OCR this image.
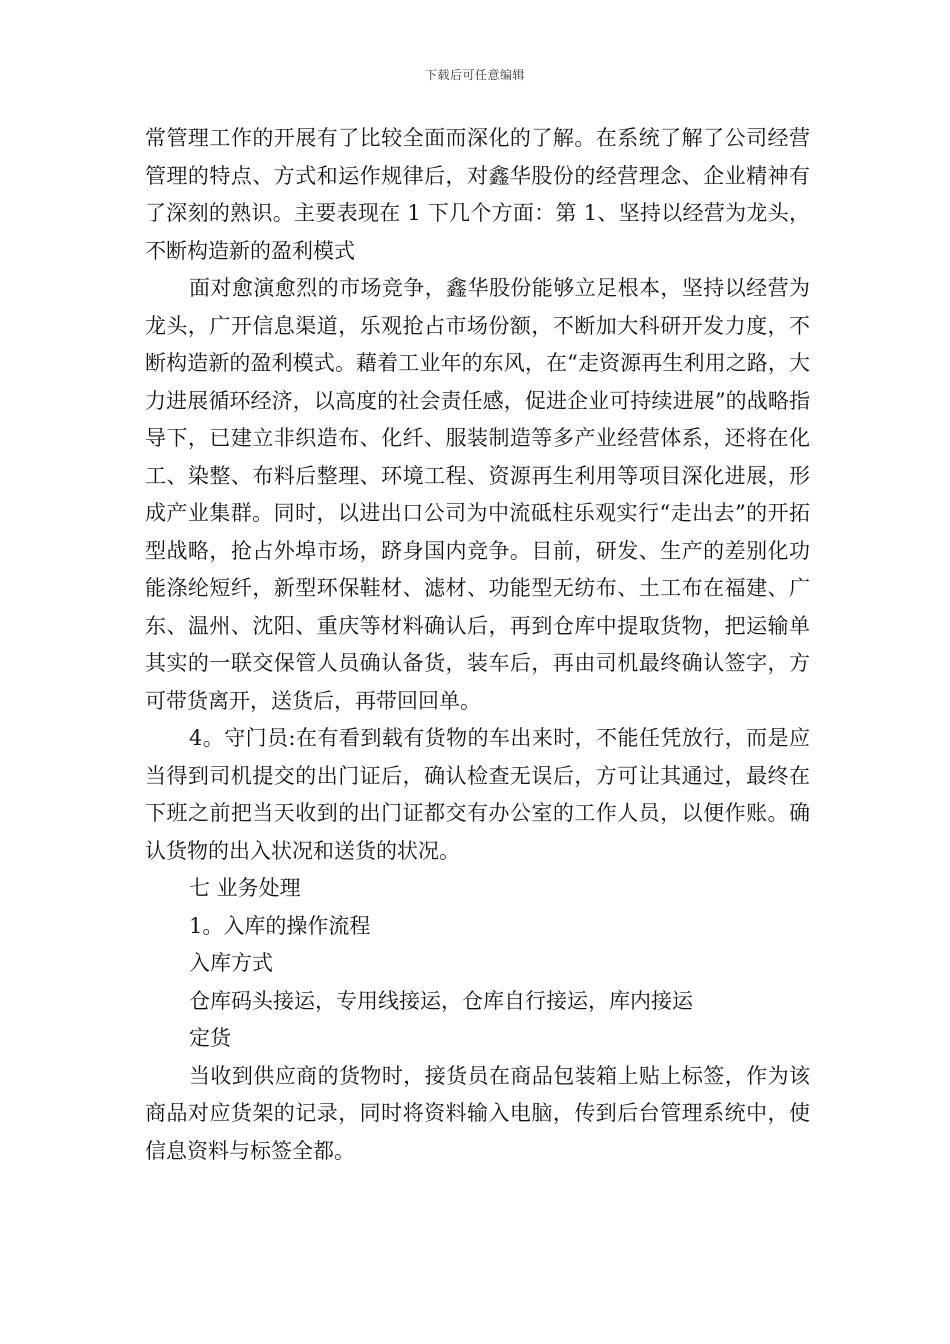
下载后可任意编辑

常管理工作的开展有了比较全面而深化的了解。在系统了解了公司经营管理的特点、方式和运作规律后，对鑫华股份的经营理念、企业精神有了深刻的熟识。主要表现在 1 下几个方面：第 1、坚持以经营为龙头，不断构造新的盈利模式

面对愈演愈烈的市场竞争，鑫华股份能够立足根本，坚持以经营为龙头，广开信息渠道，乐观抢占市场份额，不断加大科研开发力度，不断构造新的盈利模式。藉着工业年的东风，在“走资源再生利用之路，大力进展循环经济，以高度的社会责任感，促进企业可持续进展”的战略指导下，已建立非织造布、化纤、服装制造等多产业经营体系，还将在化工、染整、布料后整理、环境工程、资源再生利用等项目深化进展，形成产业集群。同时，以进出口公司为中流砥柱乐观实行“走出去”的开拓型战略，抢占外埠市场，跻身国内竞争。目前，研发、生产的差别化功能涤纶短纤，新型环保鞋材、滤材、功能型无纺布、土工布在福建、广东、温州、沈阳、重庆等材料确认后，再到仓库中提取货物，把运输单其实的一联交保管人员确认备货，装车后，再由司机最终确认签字，方可带货离开，送货后，再带回回单。

4。守门员:在有看到载有货物的车出来时，不能任凭放行，而是应当得到司机提交的出门证后，确认检查无误后，方可让其通过，最终在下班之前把当天收到的出门证都交有办公室的工作人员，以便作账。确认货物的出入状况和送货的状况。

七 业务处理

1。入库的操作流程

入库方式

仓库码头接运，专用线接运，仓库自行接运，库内接运

定货

当收到供应商的货物时，接货员在商品包装箱上贴上标签，作为该商品对应货架的记录，同时将资料输入电脑，传到后台管理系统中，使信息资料与标签全都。
